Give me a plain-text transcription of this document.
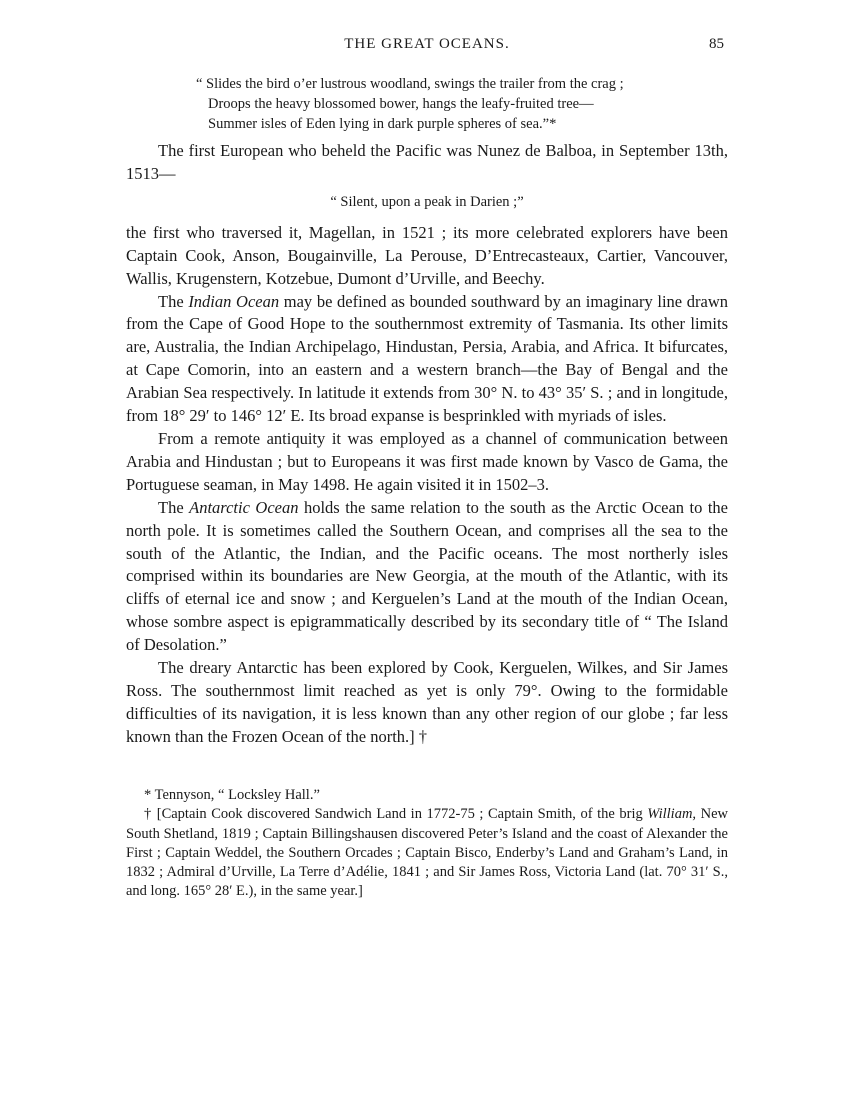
THE GREAT OCEANS.	85
“ Slides the bird o’er lustrous woodland, swings the trailer from the crag ;
Droops the heavy blossomed bower, hangs the leafy-fruited tree—
Summer isles of Eden lying in dark purple spheres of sea.”*

The first European who beheld the Pacific was Nunez de Balboa, in September 13th, 1513—

“ Silent, upon a peak in Darien ;”

the first who traversed it, Magellan, in 1521 ; its more celebrated explorers have been Captain Cook, Anson, Bougainville, La Perouse, D’Entrecasteaux, Cartier, Vancouver, Wallis, Krugenstern, Kotzebue, Dumont d’Urville, and Beechy.

The Indian Ocean may be defined as bounded southward by an imaginary line drawn from the Cape of Good Hope to the southernmost extremity of Tasmania. Its other limits are, Australia, the Indian Archipelago, Hindustan, Persia, Arabia, and Africa. It bifurcates, at Cape Comorin, into an eastern and a western branch—the Bay of Bengal and the Arabian Sea respectively. In latitude it extends from 30° N. to 43° 35′ S. ; and in longitude, from 18° 29′ to 146° 12′ E. Its broad expanse is besprinkled with myriads of isles.

From a remote antiquity it was employed as a channel of communication between Arabia and Hindustan ; but to Europeans it was first made known by Vasco de Gama, the Portuguese seaman, in May 1498. He again visited it in 1502–3.

The Antarctic Ocean holds the same relation to the south as the Arctic Ocean to the north pole. It is sometimes called the Southern Ocean, and comprises all the sea to the south of the Atlantic, the Indian, and the Pacific oceans. The most northerly isles comprised within its boundaries are New Georgia, at the mouth of the Atlantic, with its cliffs of eternal ice and snow ; and Kerguelen’s Land at the mouth of the Indian Ocean, whose sombre aspect is epigrammatically described by its secondary title of “ The Island of Desolation.”

The dreary Antarctic has been explored by Cook, Kerguelen, Wilkes, and Sir James Ross. The southernmost limit reached as yet is only 79°. Owing to the formidable difficulties of its navigation, it is less known than any other region of our globe ; far less known than the Frozen Ocean of the north.] †

* Tennyson, “ Locksley Hall.”

† [Captain Cook discovered Sandwich Land in 1772-75 ; Captain Smith, of the brig William, New South Shetland, 1819 ; Captain Billingshausen discovered Peter’s Island and the coast of Alexander the First ; Captain Weddel, the Southern Orcades ; Captain Bisco, Enderby’s Land and Graham’s Land, in 1832 ; Admiral d’Urville, La Terre d’Adélie, 1841 ; and Sir James Ross, Victoria Land (lat. 70° 31′ S., and long. 165° 28′ E.), in the same year.]
